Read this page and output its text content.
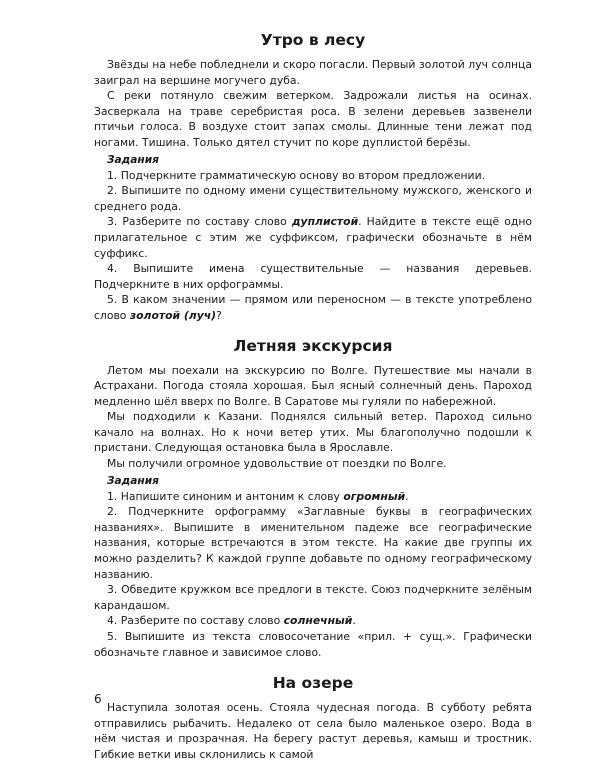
Утро в лесу

Звёзды на небе побледнели и скоро погасли. Первый золотой луч солнца заиграл на вершине могучего дуба.

С реки потянуло свежим ветерком. Задрожали листья на осинах. Засверкала на траве серебристая роса. В зелени деревьев зазвенели птичьи голоса. В воздухе стоит запах смолы. Длинные тени лежат под ногами. Тишина. Только дятел стучит по коре дуплистой берёзы.

Задания

1. Подчеркните грамматическую основу во втором предложении.

2. Выпишите по одному имени существительному мужского, женского и среднего рода.

3. Разберите по составу слово дуплистой. Найдите в тексте ещё одно прилагательное с этим же суффиксом, графически обозначьте в нём суффикс.

4. Выпишите имена существительные — названия деревьев. Подчеркните в них орфограммы.

5. В каком значении — прямом или переносном — в тексте употреблено слово золотой (луч)?

Летняя экскурсия

Летом мы поехали на экскурсию по Волге. Путешествие мы начали в Астрахани. Погода стояла хорошая. Был ясный солнечный день. Пароход медленно шёл вверх по Волге. В Саратове мы гуляли по набережной.

Мы подходили к Казани. Поднялся сильный ветер. Пароход сильно качало на волнах. Но к ночи ветер утих. Мы благополучно подошли к пристани. Следующая остановка была в Ярославле.

Мы получили огромное удовольствие от поездки по Волге.

Задания

1. Напишите синоним и антоним к слову огромный.

2. Подчеркните орфограмму «Заглавные буквы в географических названиях». Выпишите в именительном падеже все географические названия, которые встречаются в этом тексте. На какие две группы их можно разделить? К каждой группе добавьте по одному географическому названию.

3. Обведите кружком все предлоги в тексте. Союз подчеркните зелёным карандашом.

4. Разберите по составу слово солнечный.

5. Выпишите из текста словосочетание «прил. + сущ.». Графически обозначьте главное и зависимое слово.

На озере

Наступила золотая осень. Стояла чудесная погода. В субботу ребята отправились рыбачить. Недалеко от села было маленькое озеро. Вода в нём чистая и прозрачная. На берегу растут деревья, камыш и тростник. Гибкие ветки ивы склонились к самой

6
